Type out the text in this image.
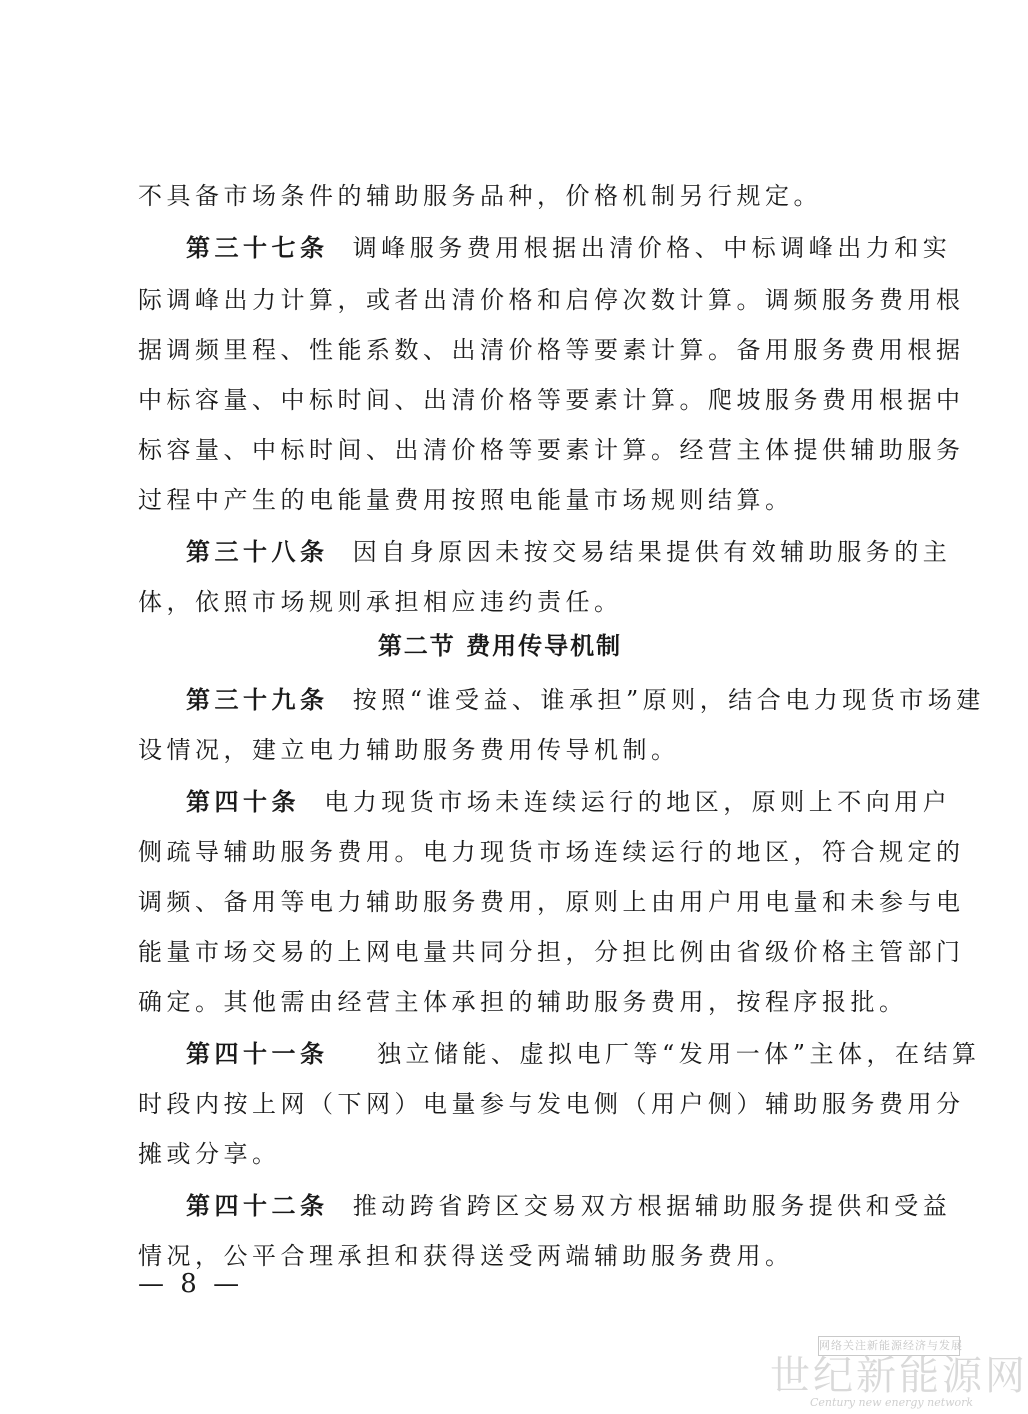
不具备市场条件的辅助服务品种，价格机制另行规定。
第三十七条 调峰服务费用根据出清价格、中标调峰出力和实
际调峰出力计算，或者出清价格和启停次数计算。调频服务费用根
据调频里程、性能系数、出清价格等要素计算。备用服务费用根据
中标容量、中标时间、出清价格等要素计算。爬坡服务费用根据中
标容量、中标时间、出清价格等要素计算。经营主体提供辅助服务
过程中产生的电能量费用按照电能量市场规则结算。
第三十八条 因自身原因未按交易结果提供有效辅助服务的主
体，依照市场规则承担相应违约责任。
第二节 费用传导机制
第三十九条 按照“谁受益、谁承担”原则，结合电力现货市场建
设情况，建立电力辅助服务费用传导机制。
第四十条 电力现货市场未连续运行的地区，原则上不向用户
侧疏导辅助服务费用。电力现货市场连续运行的地区，符合规定的
调频、备用等电力辅助服务费用，原则上由用户用电量和未参与电
能量市场交易的上网电量共同分担，分担比例由省级价格主管部门
确定。其他需由经营主体承担的辅助服务费用，按程序报批。
第四十一条 独立储能、虚拟电厂等“发用一体”主体，在结算
时段内按上网（下网）电量参与发电侧（用户侧）辅助服务费用分
摊或分享。
第四十二条 推动跨省跨区交易双方根据辅助服务提供和受益
情况，公平合理承担和获得送受两端辅助服务费用。
— 8 —
网络关注新能源经济与发展
世纪新能源网
Century new energy network
